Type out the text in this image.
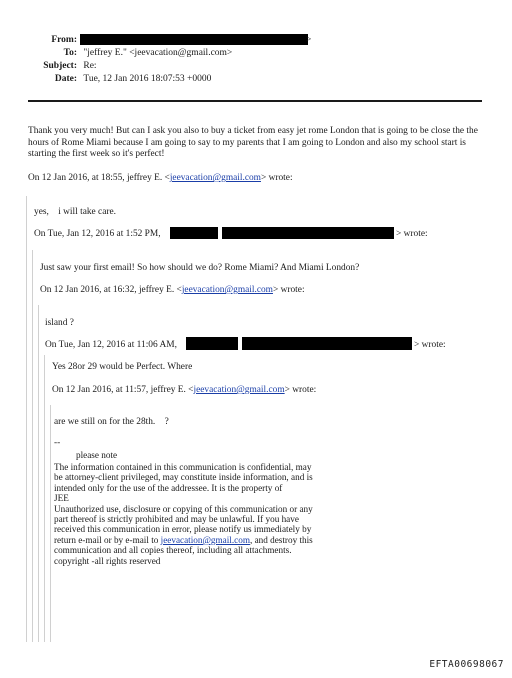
From:	>
To: "jeffrey E." <jeevacation@gmail.com>
Subject: Re:
Date: Tue, 12 Jan 2016 18:07:53 +0000
Thank you very much! But can I ask you also to buy a ticket from easy jet rome London that is going to be close the the hours of Rome Miami because I am going to say to my parents that I am going to London and also my school start is starting the first week so it's perfect!
On 12 Jan 2016, at 18:55, jeffrey E. <jeevacation@gmail.com> wrote:
yes,    i will take care.
On Tue, Jan 12, 2016 at 1:52 PM,	> wrote:
Just saw your first email! So how should we do? Rome Miami? And Miami London?
On 12 Jan 2016, at 16:32, jeffrey E. <jeevacation@gmail.com> wrote:
island ?
On Tue, Jan 12, 2016 at 11:06 AM,	> wrote:
Yes 28or 29 would be Perfect. Where
On 12 Jan 2016, at 11:57, jeffrey E. <jeevacation@gmail.com> wrote:
are we still on for the 28th.    ?
--
please note
The information contained in this communication is confidential, may be attorney-client privileged, may constitute inside information, and is intended only for the use of the addressee. It is the property of
JEE
Unauthorized use, disclosure or copying of this communication or any part thereof is strictly prohibited and may be unlawful. If you have received this communication in error, please notify us immediately by return e-mail or by e-mail to jeevacation@gmail.com, and destroy this communication and all copies thereof, including all attachments. copyright -all rights reserved
EFTA00698067
